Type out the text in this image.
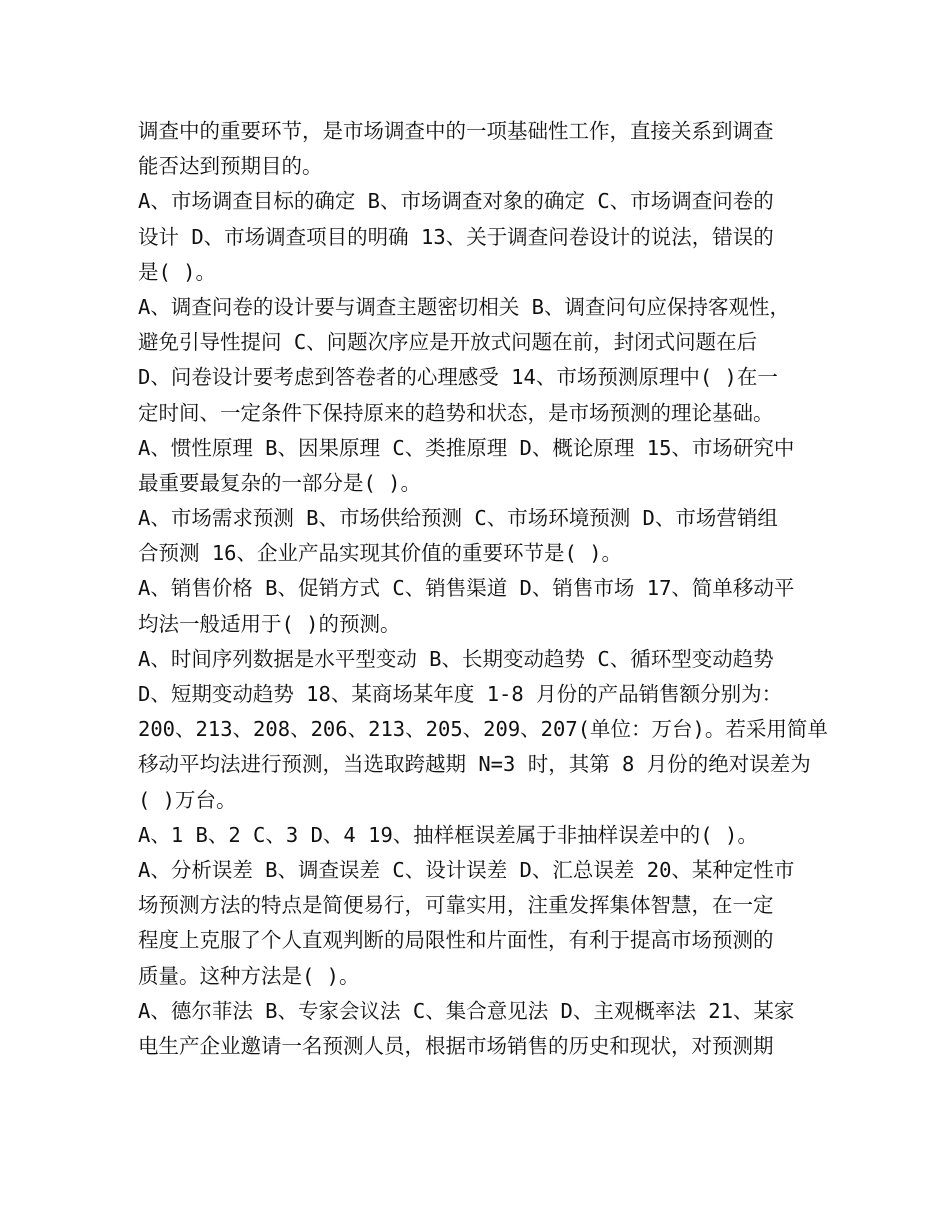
调查中的重要环节，是市场调查中的一项基础性工作，直接关系到调查
能否达到预期目的。
A、市场调查目标的确定 B、市场调查对象的确定 C、市场调查问卷的
设计 D、市场调查项目的明确 13、关于调查问卷设计的说法，错误的
是( )。
A、调查问卷的设计要与调查主题密切相关 B、调查问句应保持客观性，
避免引导性提问 C、问题次序应是开放式问题在前，封闭式问题在后
D、问卷设计要考虑到答卷者的心理感受 14、市场预测原理中( )在一
定时间、一定条件下保持原来的趋势和状态，是市场预测的理论基础。
A、惯性原理 B、因果原理 C、类推原理 D、概论原理 15、市场研究中
最重要最复杂的一部分是( )。
A、市场需求预测 B、市场供给预测 C、市场环境预测 D、市场营销组
合预测 16、企业产品实现其价值的重要环节是( )。
A、销售价格 B、促销方式 C、销售渠道 D、销售市场 17、简单移动平
均法一般适用于( )的预测。
A、时间序列数据是水平型变动 B、长期变动趋势 C、循环型变动趋势
D、短期变动趋势 18、某商场某年度 1-8 月份的产品销售额分别为：
200、213、208、206、213、205、209、207(单位：万台)。若采用简单
移动平均法进行预测，当选取跨越期 N=3 时，其第 8 月份的绝对误差为
( )万台。
A、1 B、2 C、3 D、4 19、抽样框误差属于非抽样误差中的( )。
A、分析误差 B、调查误差 C、设计误差 D、汇总误差 20、某种定性市
场预测方法的特点是简便易行，可靠实用，注重发挥集体智慧，在一定
程度上克服了个人直观判断的局限性和片面性，有利于提高市场预测的
质量。这种方法是( )。
A、德尔菲法 B、专家会议法 C、集合意见法 D、主观概率法 21、某家
电生产企业邀请一名预测人员，根据市场销售的历史和现状，对预测期
